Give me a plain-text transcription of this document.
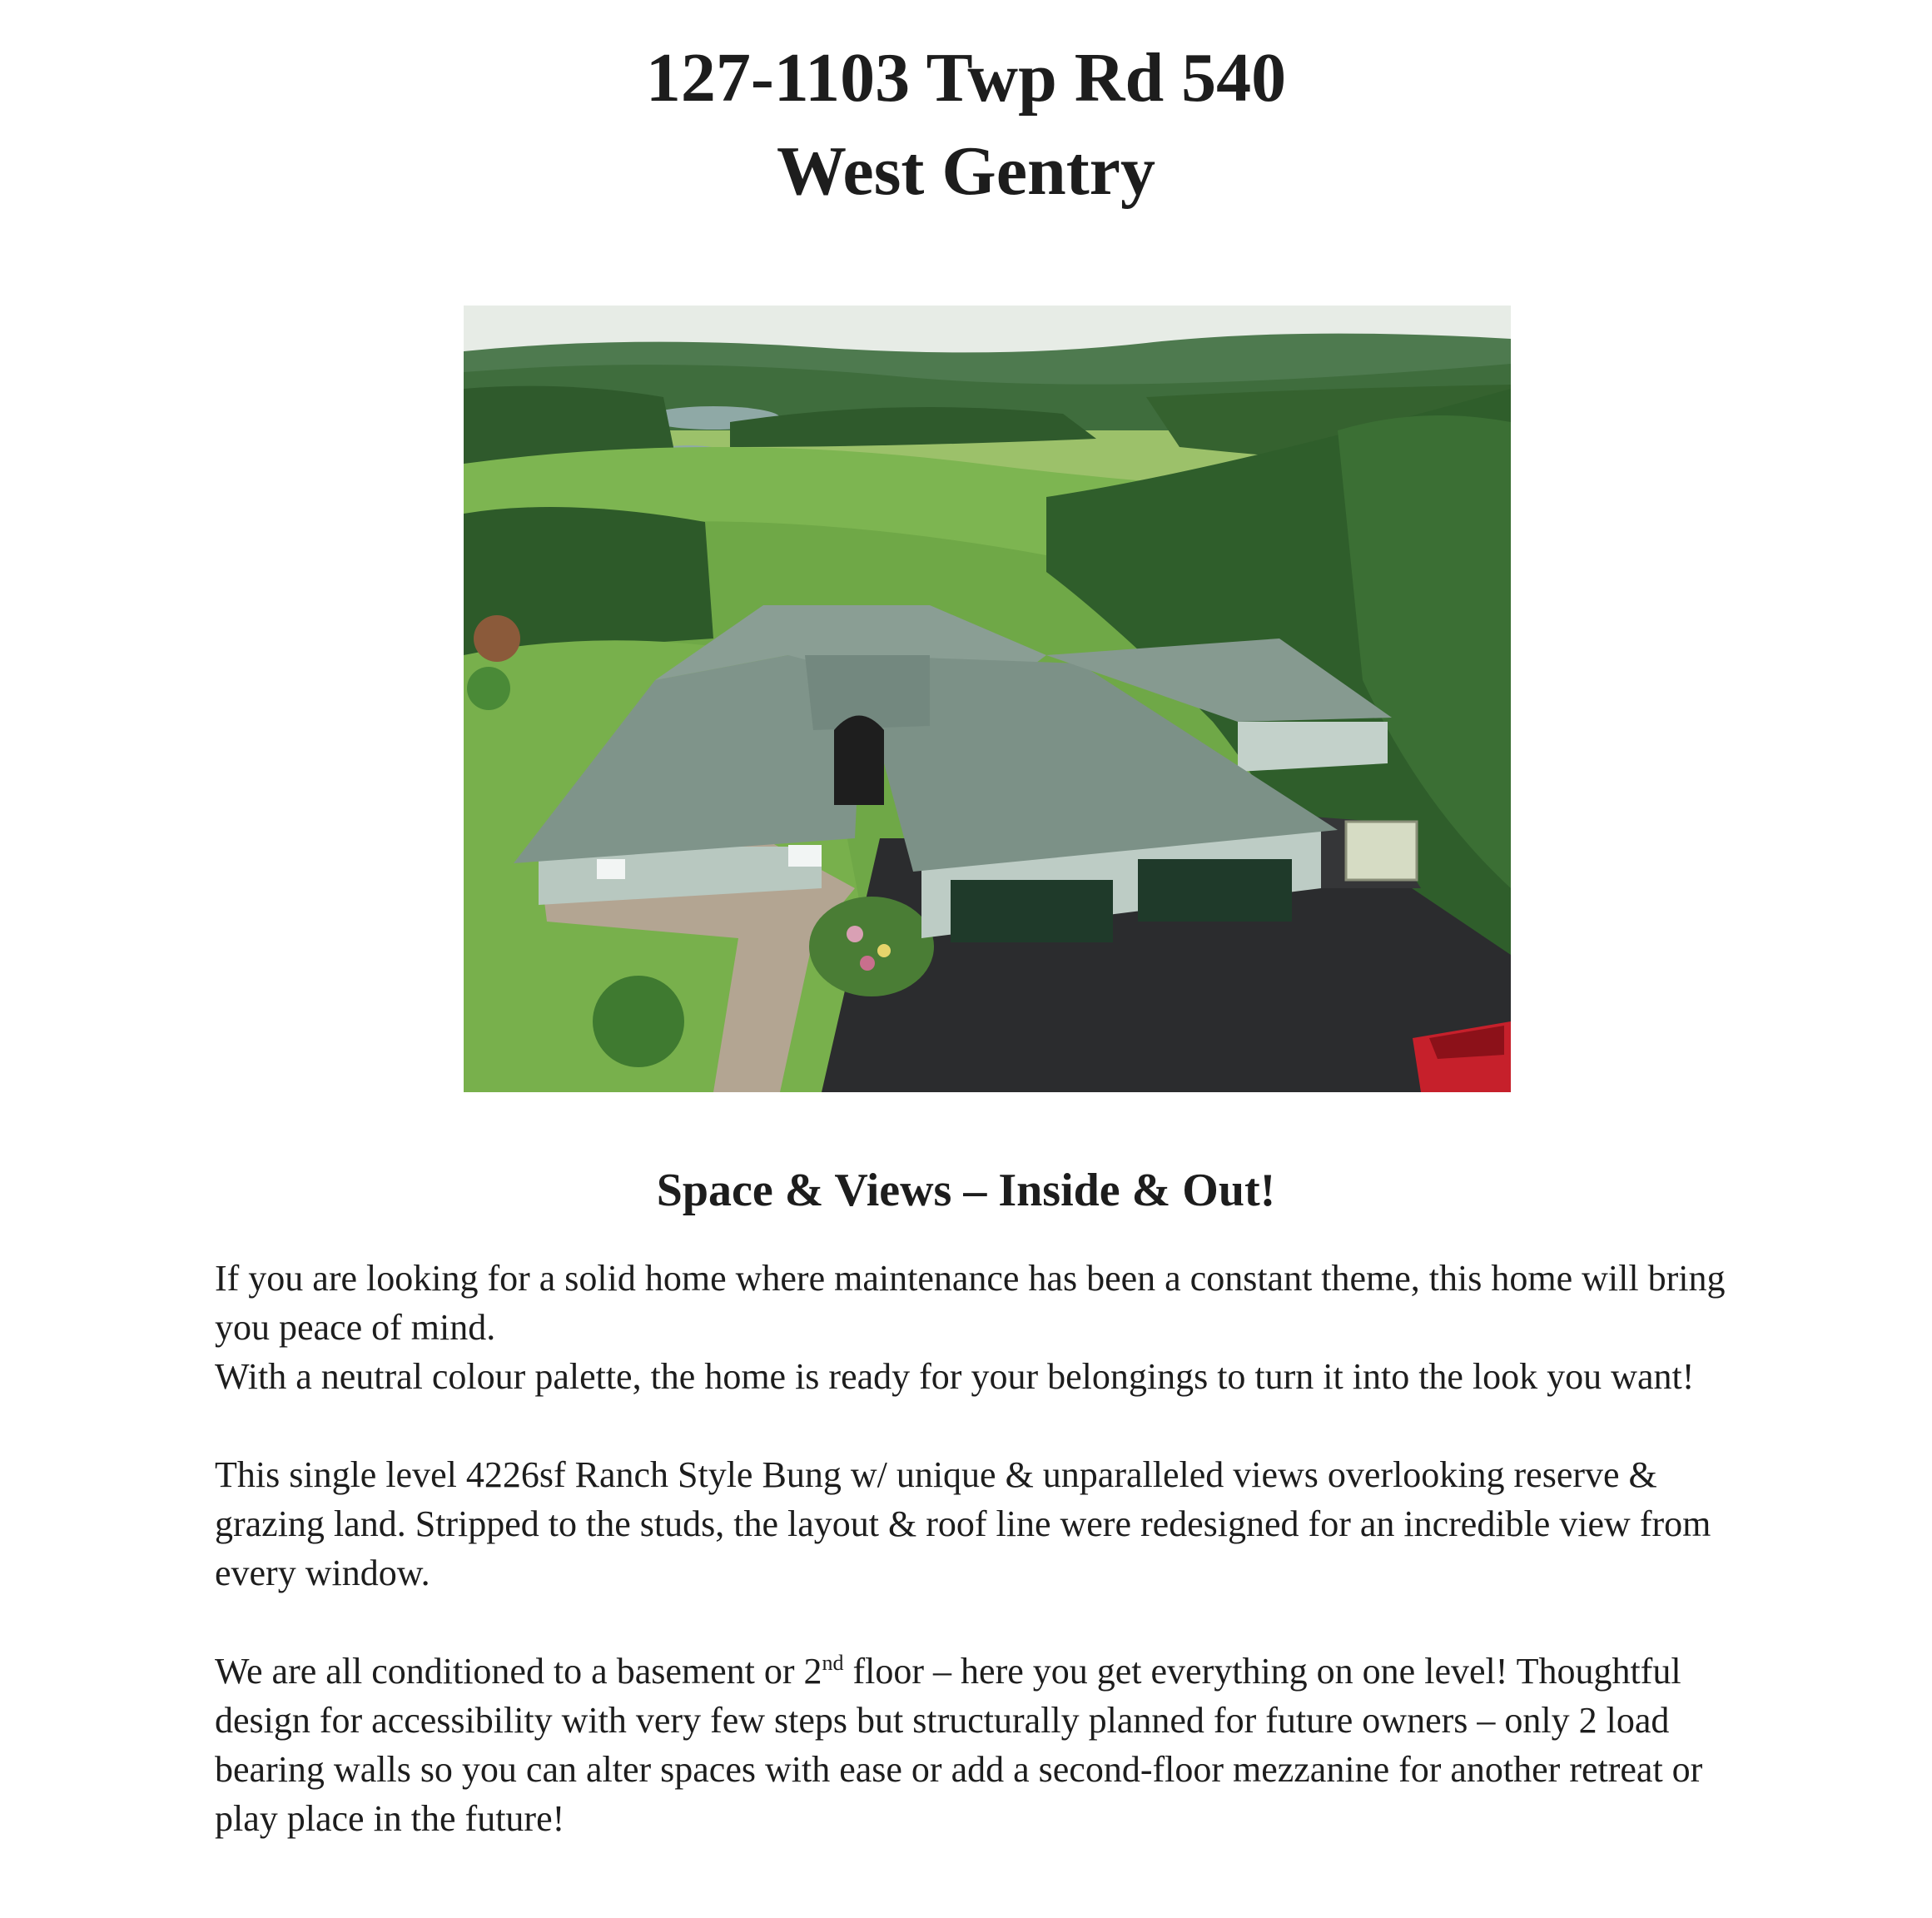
127-1103 Twp Rd 540
West Gentry
Space & Views – Inside & Out!

If you are looking for a solid home where maintenance has been a constant theme, this home will bring you peace of mind.
With a neutral colour palette, the home is ready for your belongings to turn it into the look you want!

This single level 4226sf Ranch Style Bung w/ unique & unparalleled views overlooking reserve & grazing land. Stripped to the studs, the layout & roof line were redesigned for an incredible view from every window.

We are all conditioned to a basement or 2nd floor – here you get everything on one level! Thoughtful design for accessibility with very few steps but structurally planned for future owners – only 2 load bearing walls so you can alter spaces with ease or add a second-floor mezzanine for another retreat or play place in the future!
